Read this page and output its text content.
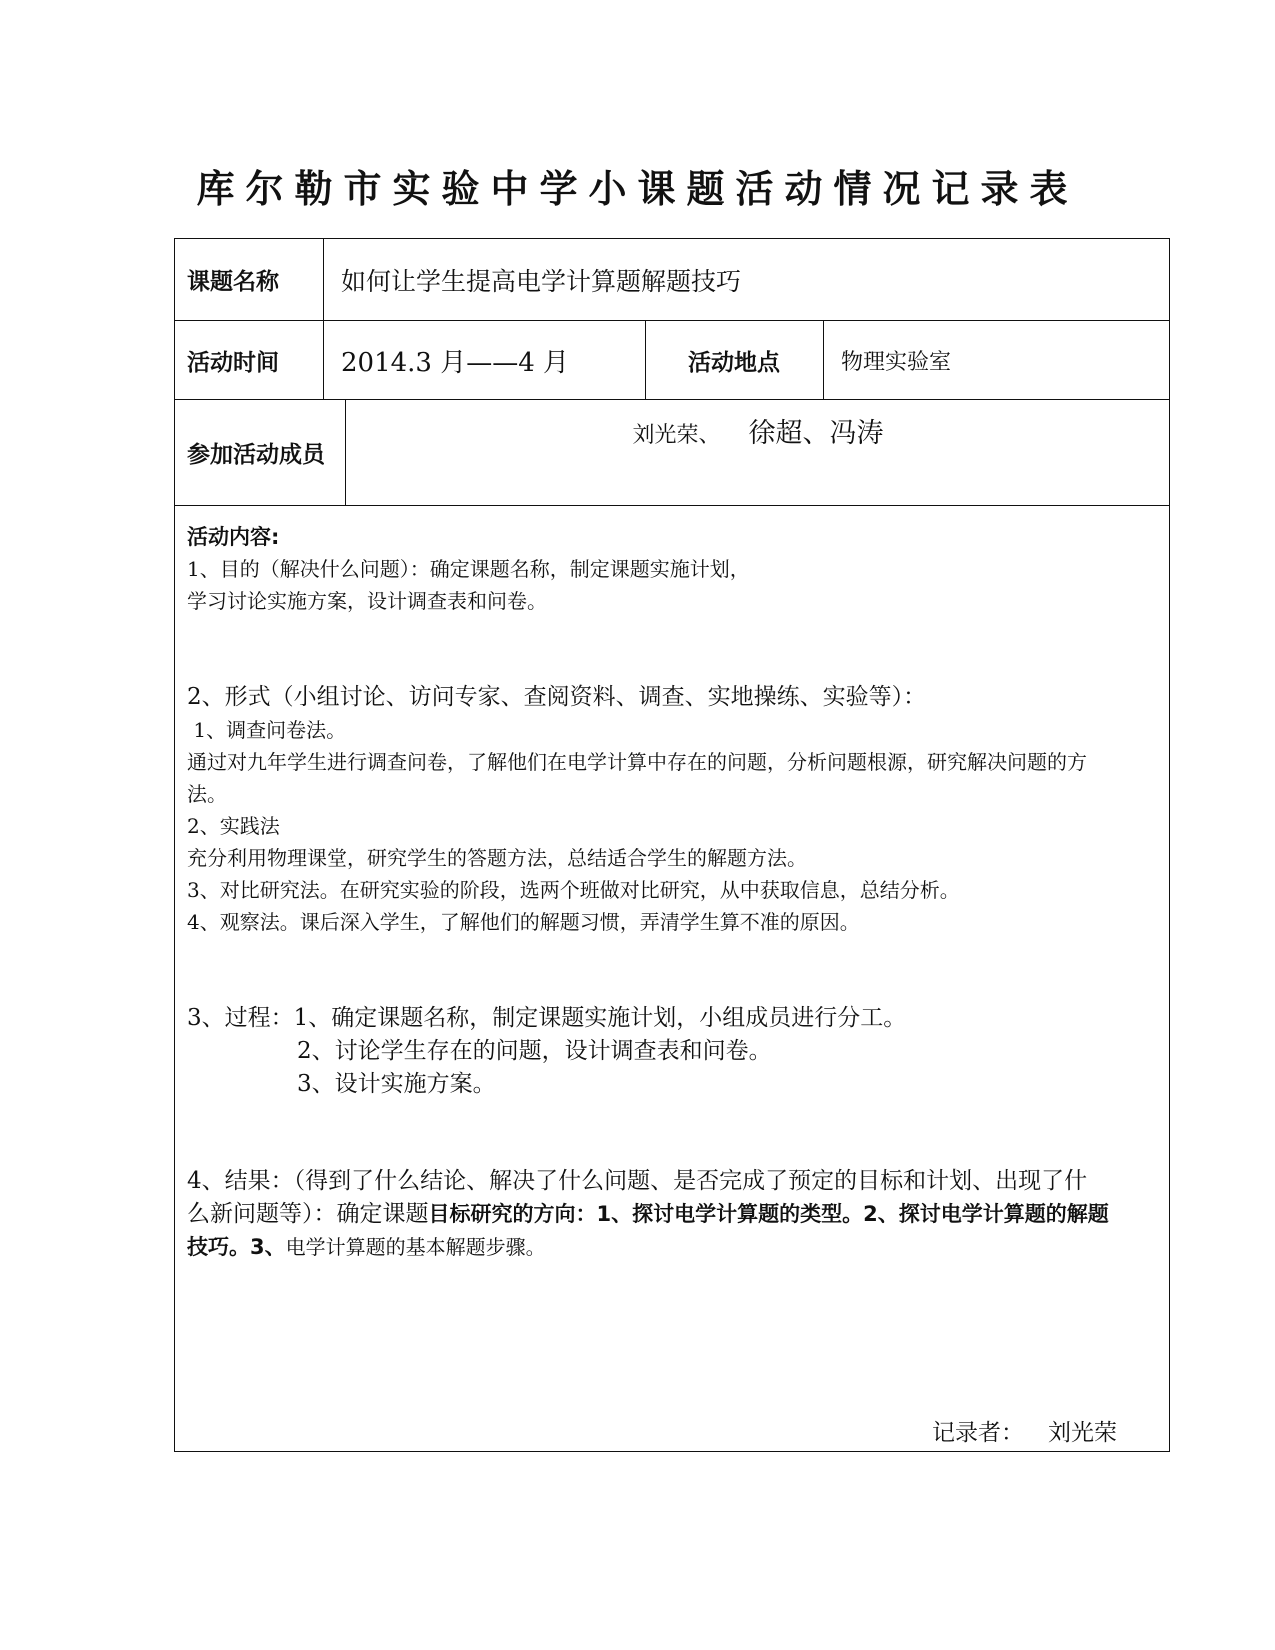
库尔勒市实验中学小课题活动情况记录表
课题名称 如何让学生提高电学计算题解题技巧
活动时间 2014.3 月——4 月	活动地点	物理实验室
参加活动成员
刘光荣、 徐超、冯涛

活动内容:

1、目的（解决什么问题）：确定课题名称，制定课题实施计划，

学习讨论实施方案，设计调查表和问卷。

2、形式（小组讨论、访问专家、查阅资料、调查、实地操练、实验等）：

1、调查问卷法。

通过对九年学生进行调查问卷，了解他们在电学计算中存在的问题，分析问题根源，研究解决问题的方

法。

2、实践法

充分利用物理课堂，研究学生的答题方法，总结适合学生的解题方法。

3、对比研究法。在研究实验的阶段，选两个班做对比研究，从中获取信息，总结分析。

4、观察法。课后深入学生，了解他们的解题习惯，弄清学生算不准的原因。

3、过程：1、确定课题名称，制定课题实施计划，小组成员进行分工。

2、讨论学生存在的问题，设计调查表和问卷。

3、设计实施方案。

4、结果：（得到了什么结论、解决了什么问题、是否完成了预定的目标和计划、出现了什

么新问题等）：确定课题目标研究的方向：1、探讨电学计算题的类型。2、探讨电学计算题的解题

技巧。3、电学计算题的基本解题步骤。

记录者： 刘光荣
